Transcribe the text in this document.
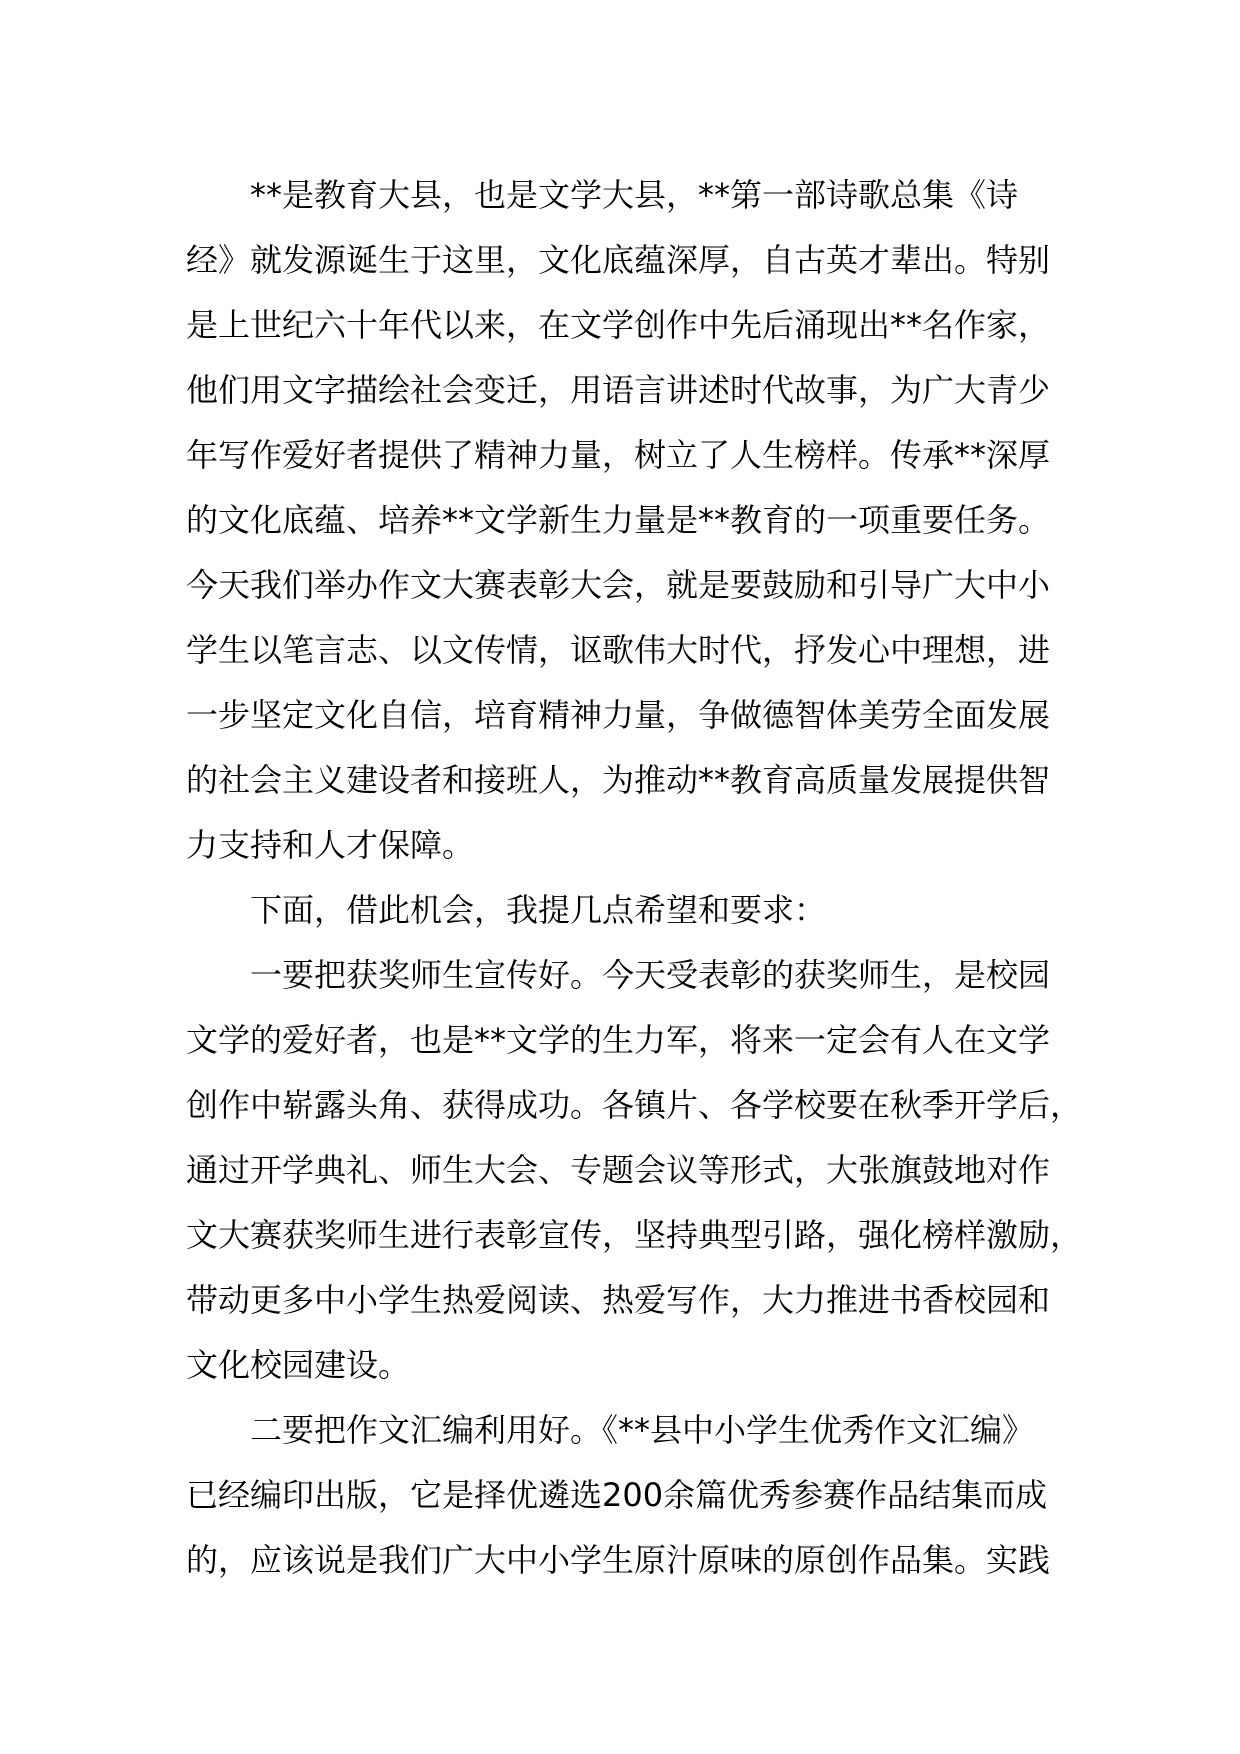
　　**是教育大县，也是文学大县，**第一部诗歌总集《诗
经》就发源诞生于这里，文化底蕴深厚，自古英才辈出。特别
是上世纪六十年代以来，在文学创作中先后涌现出**名作家，
他们用文字描绘社会变迁，用语言讲述时代故事，为广大青少
年写作爱好者提供了精神力量，树立了人生榜样。传承**深厚
的文化底蕴、培养**文学新生力量是**教育的一项重要任务。
今天我们举办作文大赛表彰大会，就是要鼓励和引导广大中小
学生以笔言志、以文传情，讴歌伟大时代，抒发心中理想，进
一步坚定文化自信，培育精神力量，争做德智体美劳全面发展
的社会主义建设者和接班人，为推动**教育高质量发展提供智
力支持和人才保障。
　　下面，借此机会，我提几点希望和要求：
　　一要把获奖师生宣传好。今天受表彰的获奖师生，是校园
文学的爱好者，也是**文学的生力军，将来一定会有人在文学
创作中崭露头角、获得成功。各镇片、各学校要在秋季开学后，
通过开学典礼、师生大会、专题会议等形式，大张旗鼓地对作
文大赛获奖师生进行表彰宣传，坚持典型引路，强化榜样激励，
带动更多中小学生热爱阅读、热爱写作，大力推进书香校园和
文化校园建设。
　　二要把作文汇编利用好。《**县中小学生优秀作文汇编》
已经编印出版，它是择优遴选200余篇优秀参赛作品结集而成
的，应该说是我们广大中小学生原汁原味的原创作品集。实践
